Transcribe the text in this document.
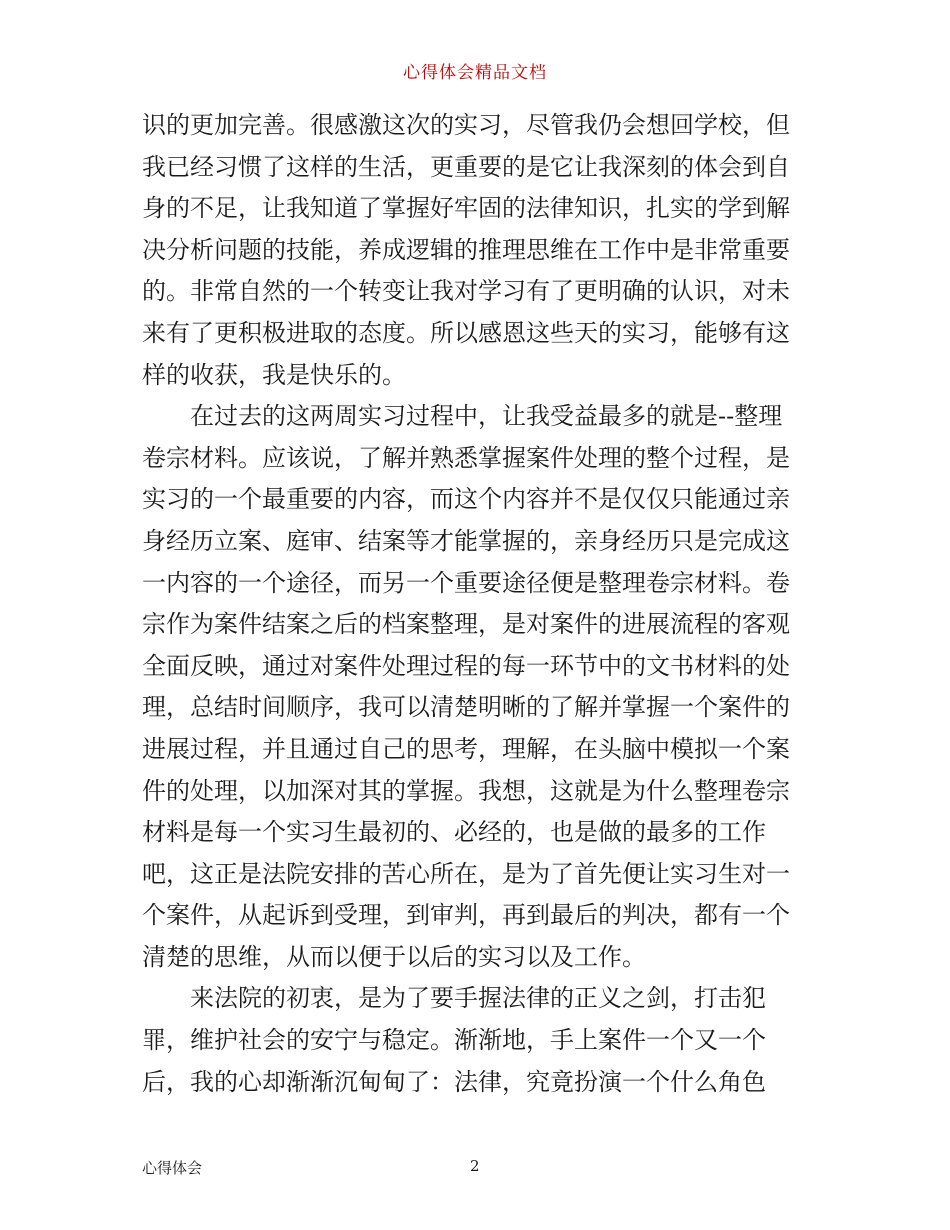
心得体会精品文档
识的更加完善。很感激这次的实习，尽管我仍会想回学校，但
我已经习惯了这样的生活，更重要的是它让我深刻的体会到自
身的不足，让我知道了掌握好牢固的法律知识，扎实的学到解
决分析问题的技能，养成逻辑的推理思维在工作中是非常重要
的。非常自然的一个转变让我对学习有了更明确的认识，对未
来有了更积极进取的态度。所以感恩这些天的实习，能够有这
样的收获，我是快乐的。
在过去的这两周实习过程中，让我受益最多的就是--整理
卷宗材料。应该说，了解并熟悉掌握案件处理的整个过程，是
实习的一个最重要的内容，而这个内容并不是仅仅只能通过亲
身经历立案、庭审、结案等才能掌握的，亲身经历只是完成这
一内容的一个途径，而另一个重要途径便是整理卷宗材料。卷
宗作为案件结案之后的档案整理，是对案件的进展流程的客观
全面反映，通过对案件处理过程的每一环节中的文书材料的处
理，总结时间顺序，我可以清楚明晰的了解并掌握一个案件的
进展过程，并且通过自己的思考，理解，在头脑中模拟一个案
件的处理，以加深对其的掌握。我想，这就是为什么整理卷宗
材料是每一个实习生最初的、必经的，也是做的最多的工作
吧，这正是法院安排的苦心所在，是为了首先便让实习生对一
个案件，从起诉到受理，到审判，再到最后的判决，都有一个
清楚的思维，从而以便于以后的实习以及工作。
来法院的初衷，是为了要手握法律的正义之剑，打击犯
罪，维护社会的安宁与稳定。渐渐地，手上案件一个又一个
后，我的心却渐渐沉甸甸了：法律，究竟扮演一个什么角色
心得体会	2
